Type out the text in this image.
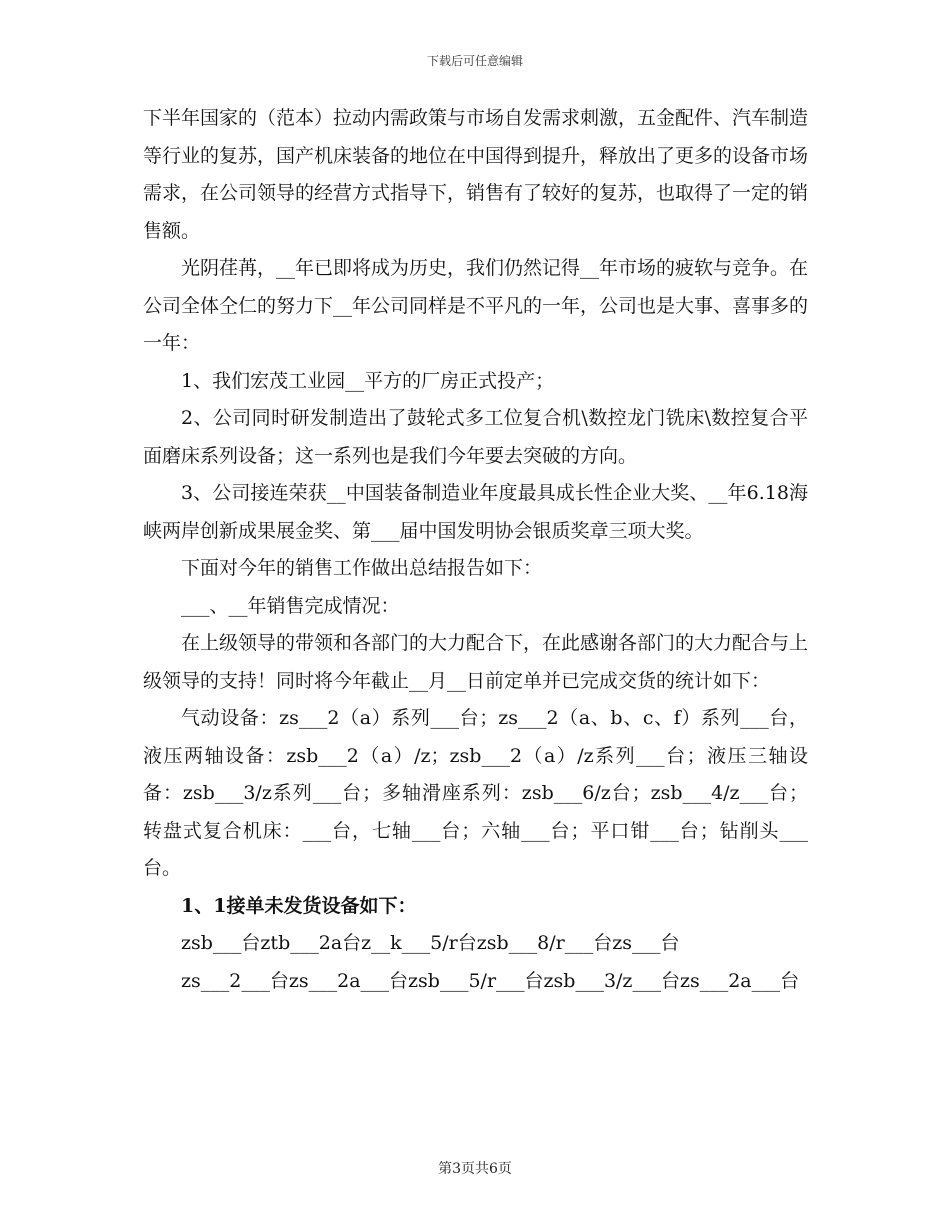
下载后可任意编辑

下半年国家的（范本）拉动内需政策与市场自发需求刺激，五金配件、汽车制造等行业的复苏，国产机床装备的地位在中国得到提升，释放出了更多的设备市场需求，在公司领导的经营方式指导下，销售有了较好的复苏，也取得了一定的销售额。

光阴荏苒，__年已即将成为历史，我们仍然记得__年市场的疲软与竞争。在公司全体仝仁的努力下__年公司同样是不平凡的一年，公司也是大事、喜事多的一年：

1、我们宏茂工业园__平方的厂房正式投产；

2、公司同时研发制造出了鼓轮式多工位复合机\数控龙门铣床\数控复合平面磨床系列设备；这一系列也是我们今年要去突破的方向。

3、公司接连荣获__中国装备制造业年度最具成长性企业大奖、__年6.18海峡两岸创新成果展金奖、第___届中国发明协会银质奖章三项大奖。

下面对今年的销售工作做出总结报告如下：

___、__年销售完成情况：

在上级领导的带领和各部门的大力配合下，在此感谢各部门的大力配合与上级领导的支持！同时将今年截止__月__日前定单并已完成交货的统计如下：

气动设备：zs___2（a）系列___台；zs___2（a、b、c、f）系列___台，液压两轴设备：zsb___2（a）/z；zsb___2（a）/z系列___台；液压三轴设备：zsb___3/z系列___台；多轴滑座系列：zsb___6/z台；zsb___4/z___台；转盘式复合机床：___台，七轴___台；六轴___台；平口钳___台；钻削头___台。

1、1接单未发货设备如下：

zsb___台ztb___2a台z__k___5/r台zsb___8/r___台zs___台

zs___2___台zs___2a___台zsb___5/r___台zsb___3/z___台zs___2a___台

第3页共6页
